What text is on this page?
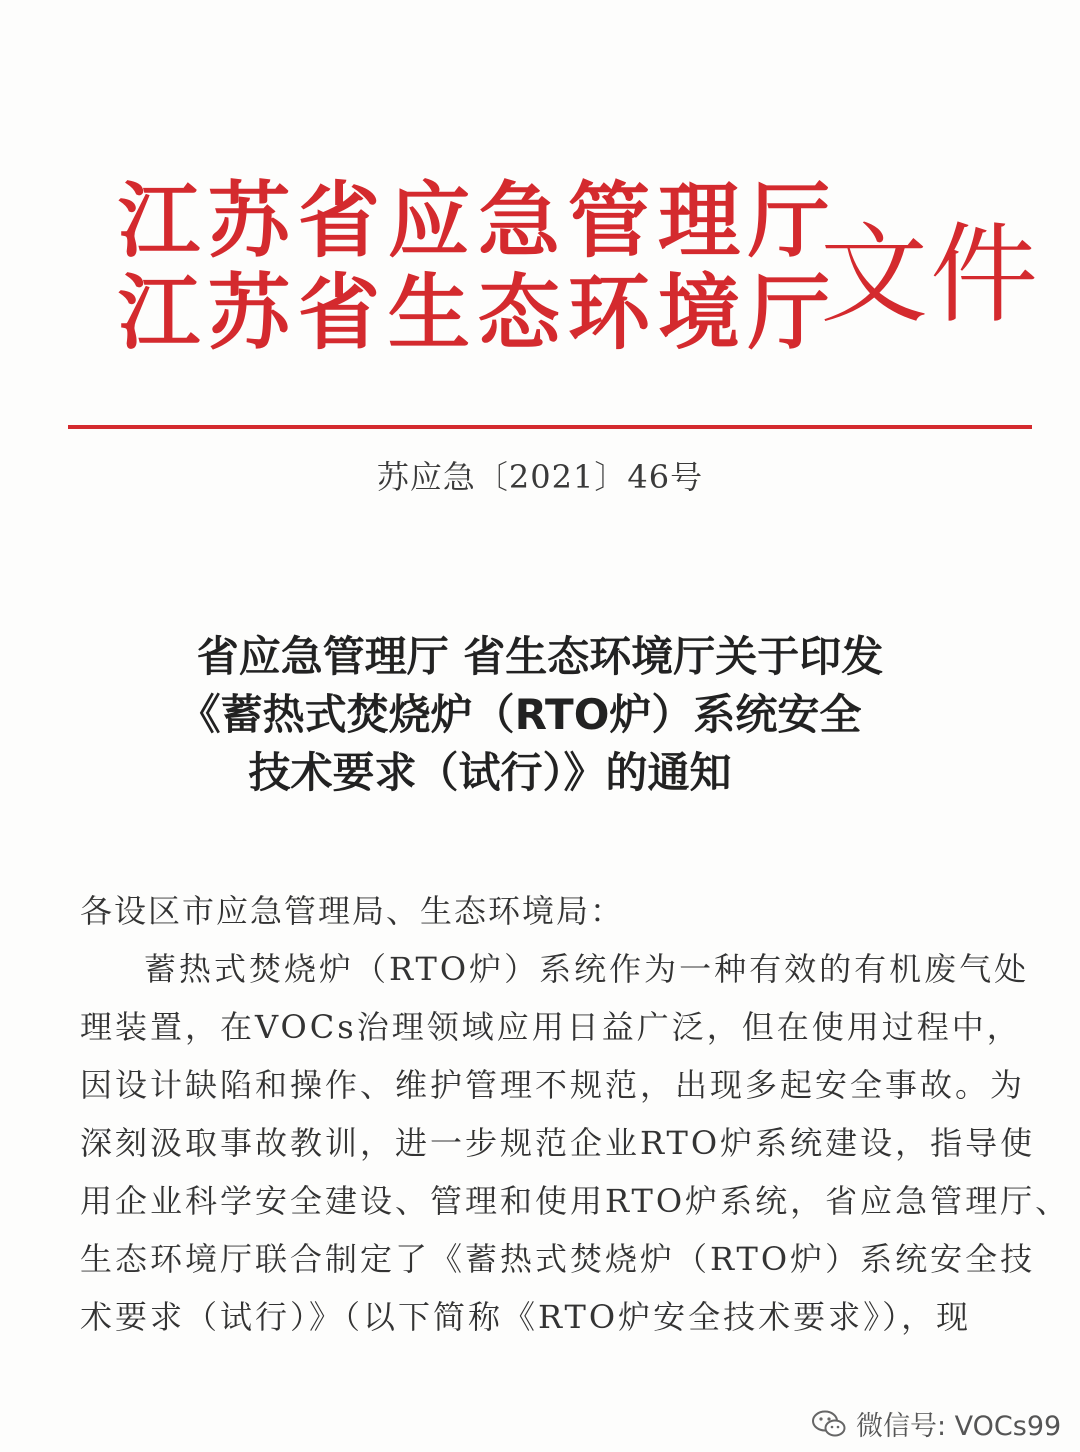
江苏省应急管理厅
江苏省生态环境厅
文件
苏应急〔2021〕46号
省应急管理厅 省生态环境厅关于印发
《蓄热式焚烧炉（RTO炉）系统安全
技术要求（试行）》的通知
各设区市应急管理局、生态环境局：
蓄热式焚烧炉（RTO炉）系统作为一种有效的有机废气处
理装置，在VOCs治理领域应用日益广泛，但在使用过程中，
因设计缺陷和操作、维护管理不规范，出现多起安全事故。为
深刻汲取事故教训，进一步规范企业RTO炉系统建设，指导使
用企业科学安全建设、管理和使用RTO炉系统，省应急管理厅、
生态环境厅联合制定了《蓄热式焚烧炉（RTO炉）系统安全技
术要求（试行）》（以下简称《RTO炉安全技术要求》），现
微信号: VOCs99
